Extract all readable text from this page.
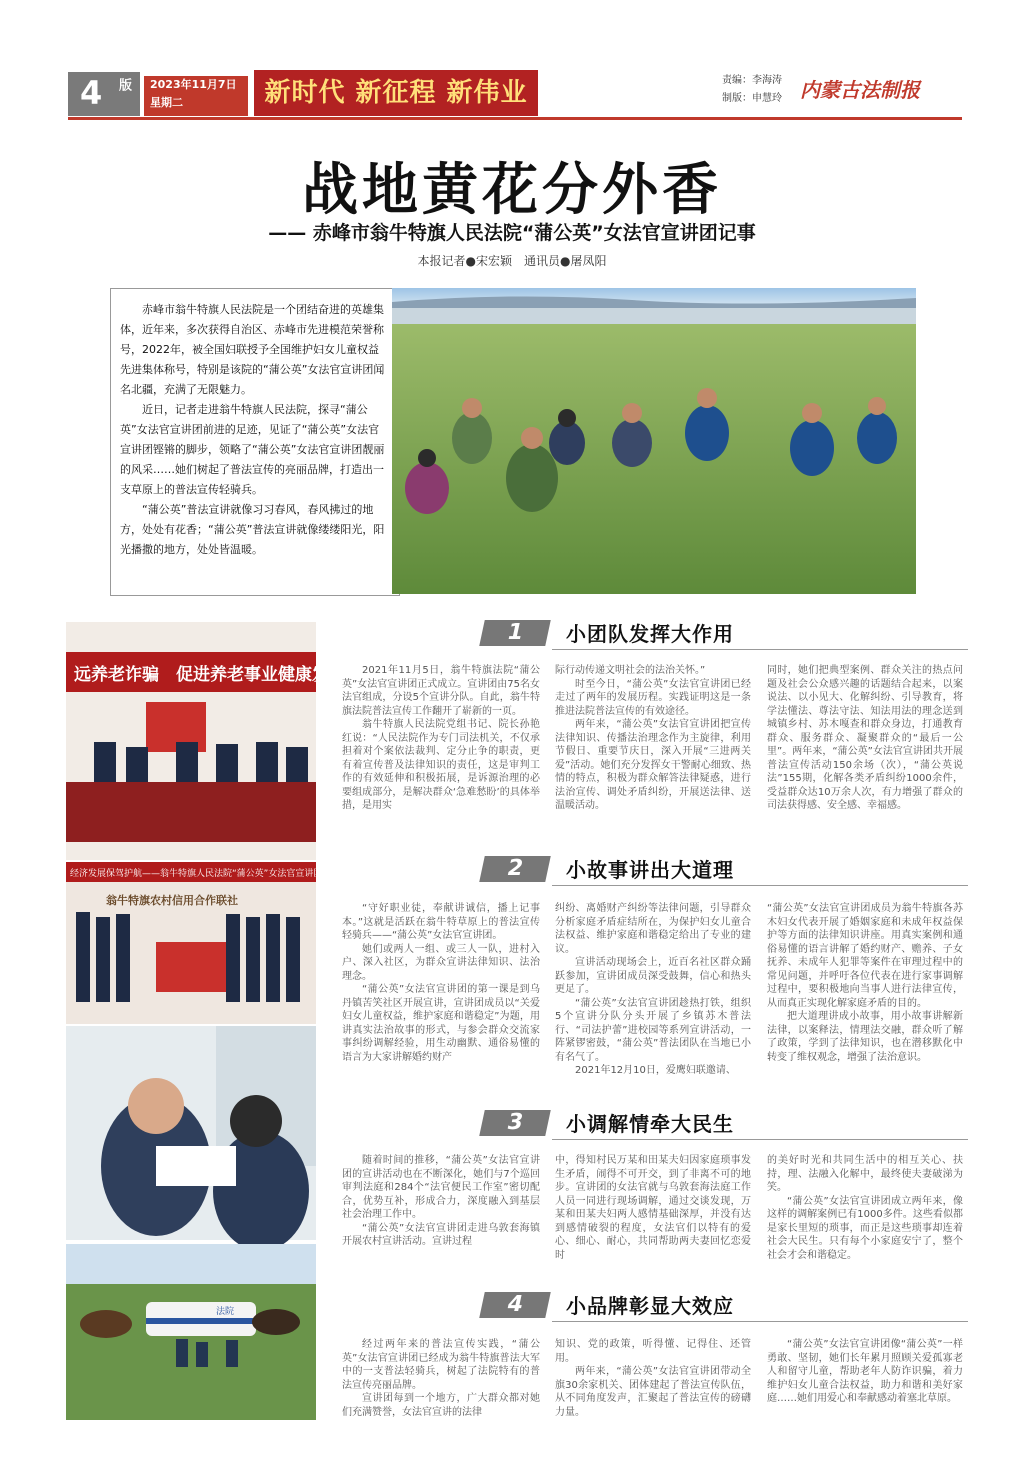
4 版	2023年11月7日
星期二	新时代 新征程 新伟业	责编：李海涛
制版：申慧玲 内蒙古法制报
战地黄花分外香
—— 赤峰市翁牛特旗人民法院“蒲公英”女法官宣讲团记事
本报记者●宋宏颖　通讯员●屠凤阳

赤峰市翁牛特旗人民法院是一个团结奋进的英雄集体，近年来，多次获得自治区、赤峰市先进模范荣誉称号，2022年，被全国妇联授予全国维护妇女儿童权益先进集体称号，特别是该院的“蒲公英”女法官宣讲团闻名北疆，充满了无限魅力。

近日，记者走进翁牛特旗人民法院，探寻“蒲公英”女法官宣讲团前进的足迹，见证了“蒲公英”女法官宣讲团铿锵的脚步，领略了“蒲公英”女法官宣讲团靓丽的风采……她们树起了普法宣传的亮丽品牌，打造出一支草原上的普法宣传轻骑兵。

“蒲公英”普法宣讲就像习习春风，春风拂过的地方，处处有花香；“蒲公英”普法宣讲就像缕缕阳光，阳光播撒的地方，处处皆温暖。

远养老诈骗　促进养老事业健康发展
经济发展保驾护航——翁牛特旗人民法院“蒲公英”女法官宣讲团
翁牛特旗农村信用合作联社
法院
1	小团队发挥大作用

2021年11月5日，翁牛特旗法院“蒲公英”女法官宣讲团正式成立。宣讲团由75名女法官组成，分设5个宣讲分队。自此，翁牛特旗法院普法宣传工作翻开了崭新的一页。

翁牛特旗人民法院党组书记、院长孙艳红说：“人民法院作为专门司法机关，不仅承担着对个案依法裁判、定分止争的职责，更有着宣传普及法律知识的责任，这是审判工作的有效延伸和积极拓展，是诉源治理的必要组成部分，是解决群众‘急难愁盼’的具体举措，是用实

际行动传递文明社会的法治关怀。”

时至今日，“蒲公英”女法官宣讲团已经走过了两年的发展历程。实践证明这是一条推进法院普法宣传的有效途径。

两年来，“蒲公英”女法官宣讲团把宣传法律知识、传播法治理念作为主旋律，利用节假日、重要节庆日，深入开展“三进两关爱”活动。她们充分发挥女干警耐心细致、热情的特点，积极为群众解答法律疑惑，进行法治宣传、调处矛盾纠纷，开展送法律、送温暖活动。

同时，她们把典型案例、群众关注的热点问题及社会公众感兴趣的话题结合起来，以案说法、以小见大、化解纠纷、引导教育，将学法懂法、尊法守法、知法用法的理念送到城镇乡村、苏木嘎查和群众身边，打通教育群众、服务群众、凝聚群众的“最后一公里”。两年来，“蒲公英”女法官宣讲团共开展普法宣传活动150余场（次），“蒲公英说法”155期，化解各类矛盾纠纷1000余件，受益群众达10万余人次，有力增强了群众的司法获得感、安全感、幸福感。

2	小故事讲出大道理

“守好职业徒，奉献讲诚信，播上记事本。”这就是活跃在翁牛特草原上的普法宣传轻骑兵——“蒲公英”女法官宣讲团。

她们或两人一组、或三人一队，进村入户、深入社区，为群众宣讲法律知识、法治理念。

“蒲公英”女法官宣讲团的第一课是到乌丹镇苦笑社区开展宣讲，宣讲团成员以“关爱妇女儿童权益，维护家庭和谐稳定”为题，用讲真实法治故事的形式，与参会群众交流家事纠纷调解经验，用生动幽默、通俗易懂的语言为大家讲解婚约财产

纠纷、离婚财产纠纷等法律问题，引导群众分析家庭矛盾症结所在，为保护妇女儿童合法权益、维护家庭和谐稳定给出了专业的建议。

宣讲活动现场会上，近百名社区群众踊跃参加，宣讲团成员深受鼓舞，信心和热头更足了。

“蒲公英”女法官宣讲团趁热打铁，组织5个宣讲分队分头开展了乡镇苏木普法行、“司法护蕾”进校园等系列宣讲活动，一阵紧锣密鼓，“蒲公英”普法团队在当地已小有名气了。

2021年12月10日，爱鹰妇联邀请、

“蒲公英”女法官宣讲团成员为翁牛特旗各苏木妇女代表开展了婚姻家庭和未成年权益保护等方面的法律知识讲座。用真实案例和通俗易懂的语言讲解了婚约财产、赡养、子女抚养、未成年人犯罪等案件在审理过程中的常见问题，并呼吁各位代表在进行家事调解过程中，要积极地向当事人进行法律宣传，从而真正实现化解家庭矛盾的目的。

把大道理讲成小故事，用小故事讲解新法律，以案释法，情理法交融，群众听了解了政策，学到了法律知识，也在潜移默化中转变了维权观念，增强了法治意识。

3	小调解情牵大民生

随着时间的推移，“蒲公英”女法官宣讲团的宣讲活动也在不断深化，她们与7个巡回审判法庭和284个“法官便民工作室”密切配合，优势互补，形成合力，深度融入到基层社会治理工作中。

“蒲公英”女法官宣讲团走进乌敦套海镇开展农村宣讲活动。宣讲过程

中，得知村民万某和田某夫妇因家庭琐事发生矛盾，闹得不可开交，到了非离不可的地步。宣讲团的女法官就与乌敦套海法庭工作人员一同进行现场调解，通过交谈发现，万某和田某夫妇两人感情基础深厚，并没有达到感情破裂的程度，女法官们以特有的爱心、细心、耐心，共同帮助两夫妻回忆恋爱时

的美好时光和共同生活中的相互关心、扶持，理、法融入化解中，最终使夫妻破涕为笑。

“蒲公英”女法官宣讲团成立两年来，像这样的调解案例已有1000多件。这些看似都是家长里短的琐事，而正是这些琐事却连着社会大民生。只有每个小家庭安宁了，整个社会才会和谐稳定。

4	小品牌彰显大效应

经过两年来的普法宣传实践，“蒲公英”女法官宣讲团已经成为翁牛特旗普法大军中的一支普法轻骑兵，树起了法院特有的普法宣传亮丽品牌。

宣讲团每到一个地方，广大群众都对她们充满赞誉，女法官宣讲的法律

知识、党的政策，听得懂、记得住、还管用。

两年来，“蒲公英”女法官宣讲团带动全旗30余家机关、团体建起了普法宣传队伍，从不同角度发声，汇聚起了普法宣传的磅礴力量。

“蒲公英”女法官宣讲团像“蒲公英”一样勇敢、坚韧，她们长年累月照顾关爱孤寡老人和留守儿童，帮助老年人防诈识骗，着力维护妇女儿童合法权益，助力和谐和美好家庭……她们用爱心和奉献感动着塞北草原。
